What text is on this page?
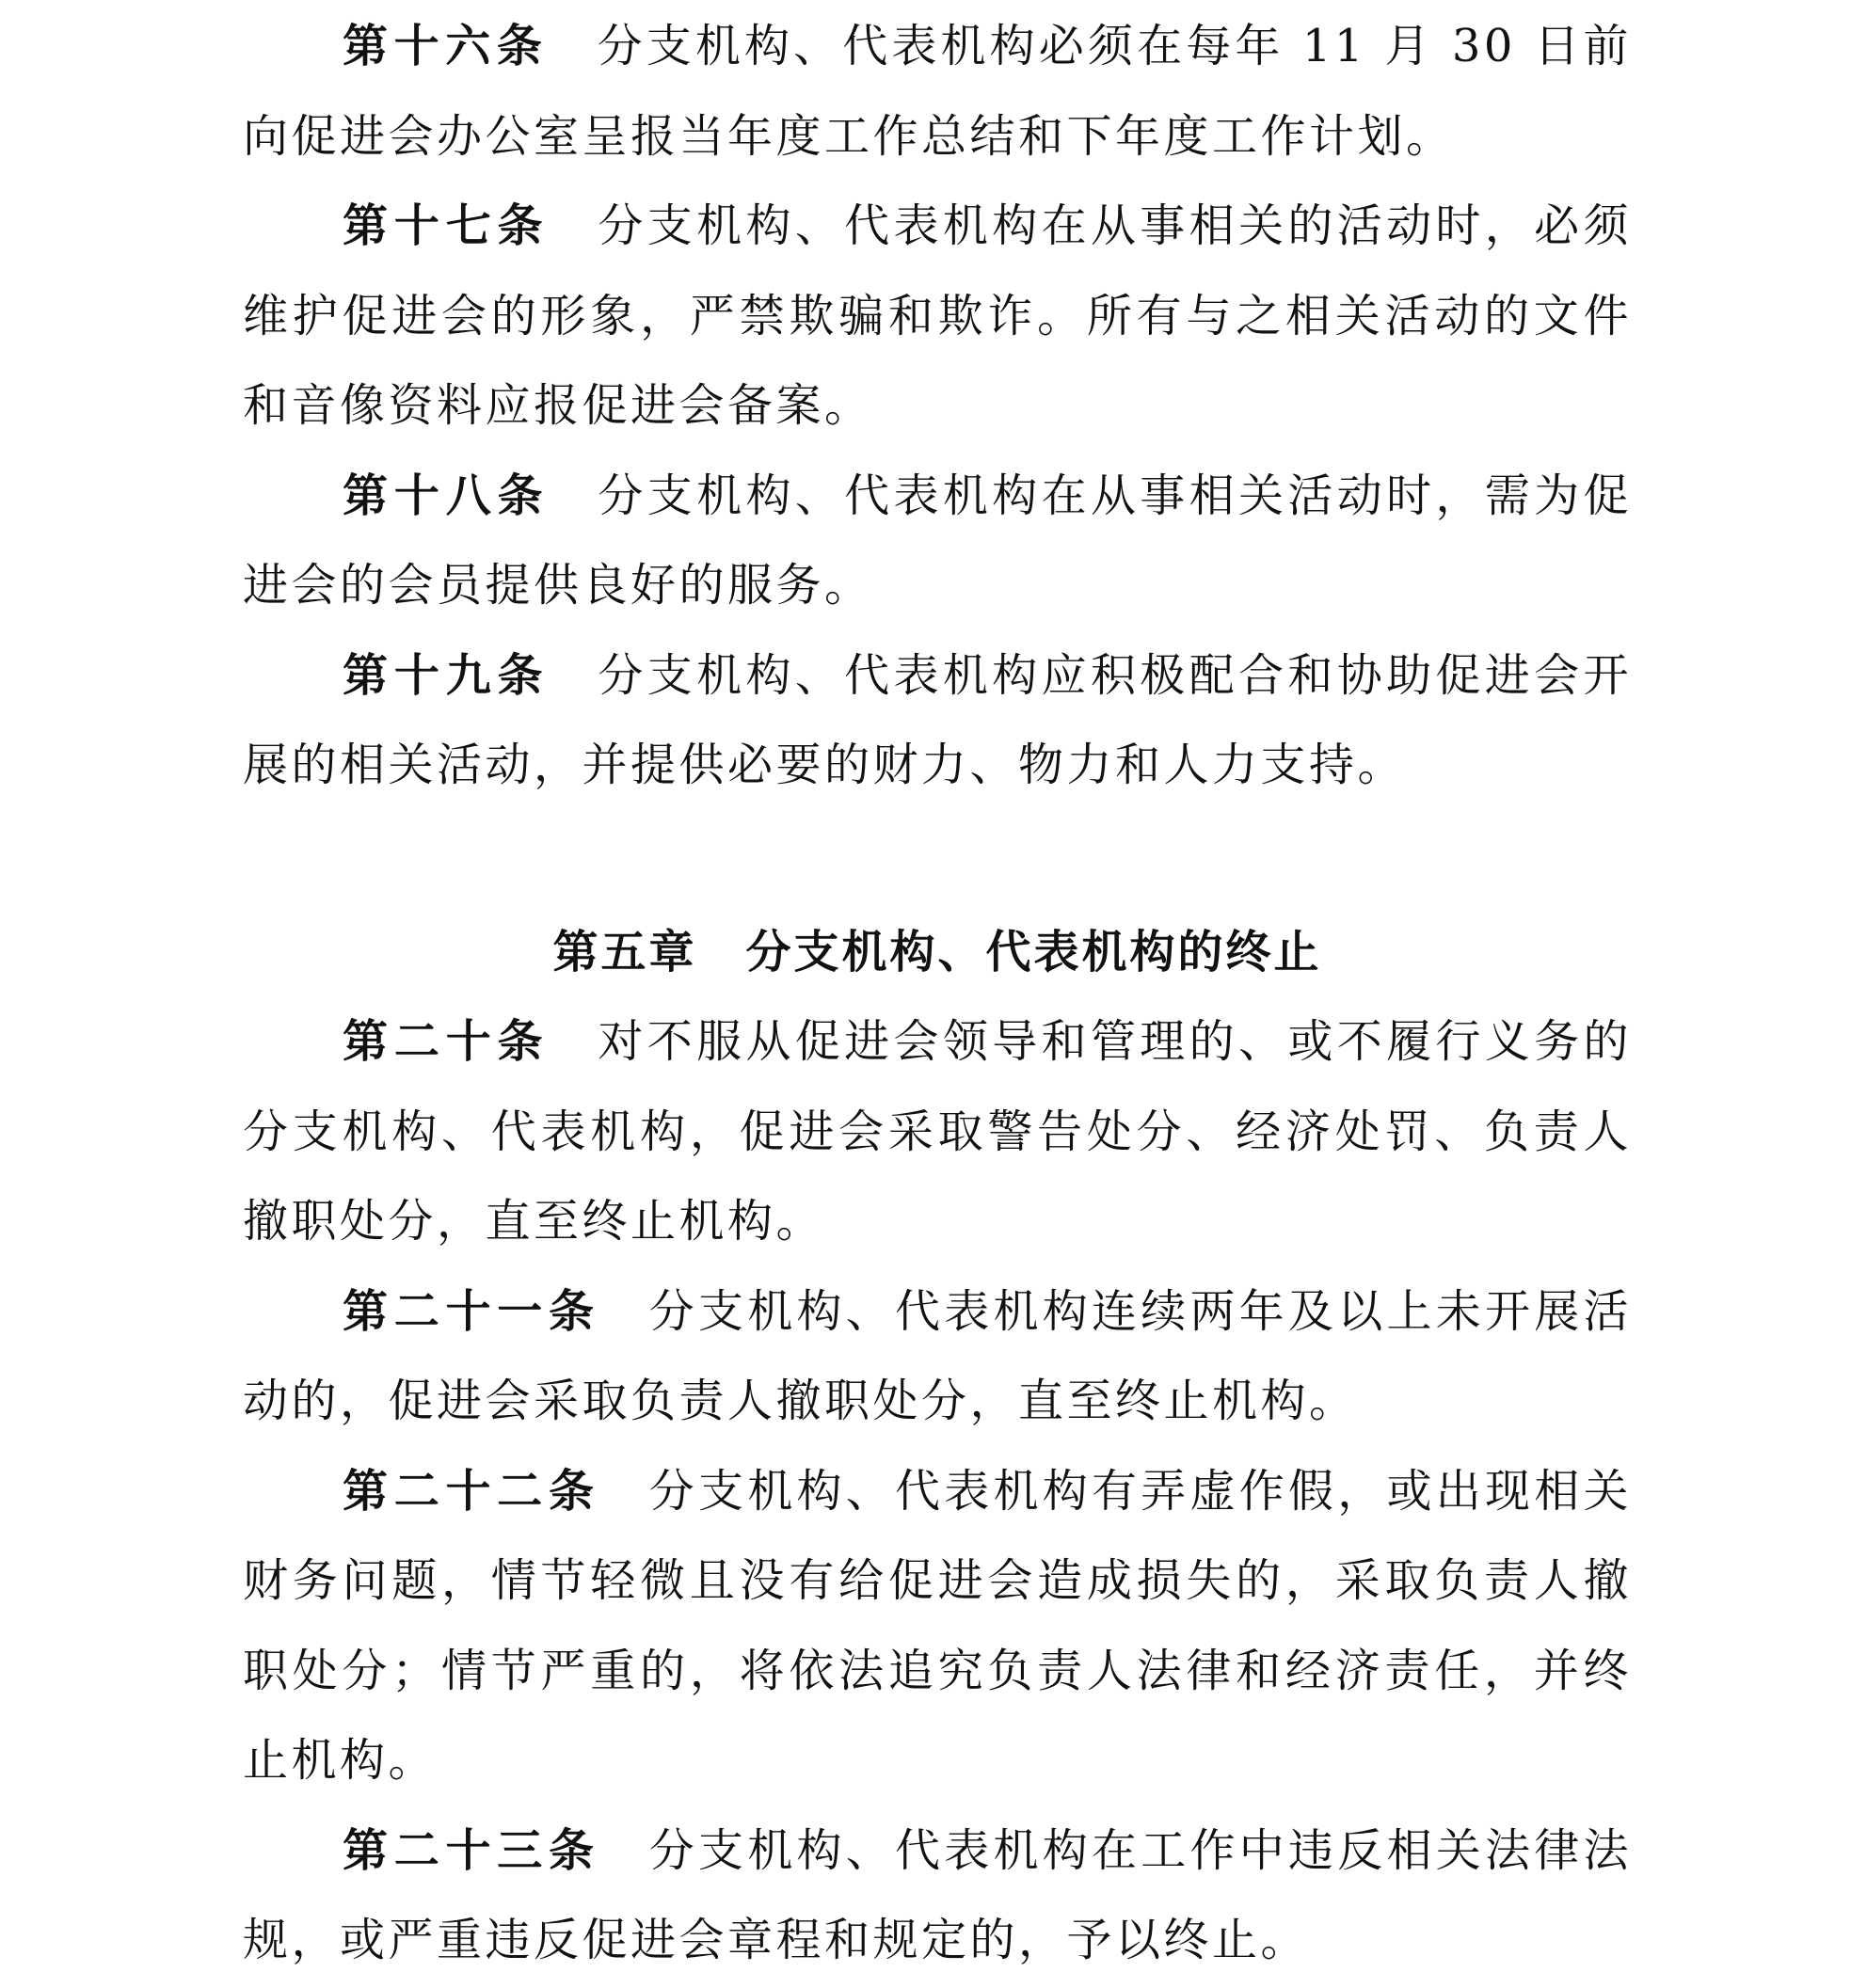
第十六条 分支机构、代表机构必须在每年 11 月 30 日前向促进会办公室呈报当年度工作总结和下年度工作计划。

第十七条 分支机构、代表机构在从事相关的活动时，必须维护促进会的形象，严禁欺骗和欺诈。所有与之相关活动的文件和音像资料应报促进会备案。

第十八条 分支机构、代表机构在从事相关活动时，需为促进会的会员提供良好的服务。

第十九条 分支机构、代表机构应积极配合和协助促进会开展的相关活动，并提供必要的财力、物力和人力支持。

第五章 分支机构、代表机构的终止

第二十条 对不服从促进会领导和管理的、或不履行义务的分支机构、代表机构，促进会采取警告处分、经济处罚、负责人撤职处分，直至终止机构。

第二十一条 分支机构、代表机构连续两年及以上未开展活动的，促进会采取负责人撤职处分，直至终止机构。

第二十二条 分支机构、代表机构有弄虚作假，或出现相关财务问题，情节轻微且没有给促进会造成损失的，采取负责人撤职处分；情节严重的，将依法追究负责人法律和经济责任，并终止机构。

第二十三条 分支机构、代表机构在工作中违反相关法律法规，或严重违反促进会章程和规定的，予以终止。
